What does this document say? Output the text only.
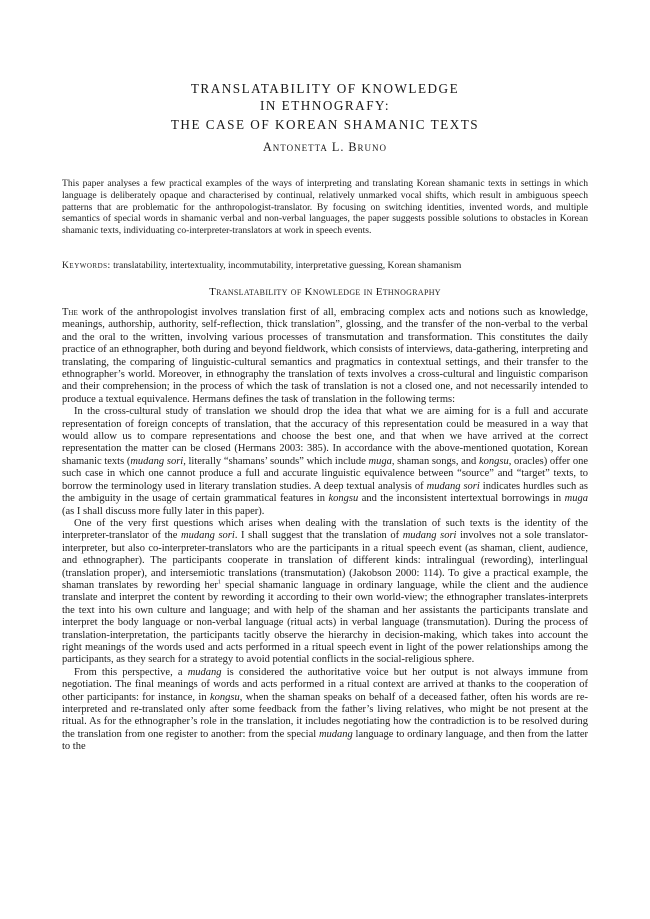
TRANSLATABILITY OF KNOWLEDGE
IN ETHNOGRAFY:
THE CASE OF KOREAN SHAMANIC TEXTS
Antonetta L. Bruno
This paper analyses a few practical examples of the ways of interpreting and translating Korean shamanic texts in settings in which language is deliberately opaque and characterised by continual, relatively unmarked vocal shifts, which result in ambiguous speech patterns that are problematic for the anthropologist-translator. By focusing on switching identities, invented words, and multiple semantics of special words in shamanic verbal and non-verbal languages, the paper suggests possible solutions to obstacles in Korean shamanic texts, individuating co-interpreter-translators at work in speech events.
Keywords: translatability, intertextuality, incommutability, interpretative guessing, Korean shamanism
Translatability of Knowledge in Ethnography

The work of the anthropologist involves translation first of all, embracing complex acts and notions such as knowledge, meanings, authorship, authority, self-reflection, thick translation”, glossing, and the transfer of the non-verbal to the verbal and the oral to the written, involving various processes of transmutation and transformation. This constitutes the daily practice of an ethnographer, both during and beyond fieldwork, which consists of interviews, data-gathering, interpreting and translating, the comparing of linguistic-cultural semantics and pragmatics in contextual settings, and their transfer to the ethnographer’s world. Moreover, in ethnography the translation of texts involves a cross-cultural and linguistic comparison and their comprehension; in the process of which the task of translation is not a closed one, and not necessarily intended to produce a textual equivalence. Hermans defines the task of translation in the following terms:

In the cross-cultural study of translation we should drop the idea that what we are aiming for is a full and accurate representation of foreign concepts of translation, that the accuracy of this representation could be measured in a way that would allow us to compare representations and choose the best one, and that when we have arrived at the correct representation the matter can be closed (Hermans 2003: 385). In accordance with the above-mentioned quotation, Korean shamanic texts (mudang sori, literally “shamans’ sounds” which include muga, shaman songs, and kongsu, oracles) offer one such case in which one cannot produce a full and accurate linguistic equivalence between “source” and “target” texts, to borrow the terminology used in literary translation studies. A deep textual analysis of mudang sori indicates hurdles such as the ambiguity in the usage of certain grammatical features in kongsu and the inconsistent intertextual borrowings in muga (as I shall discuss more fully later in this paper).

One of the very first questions which arises when dealing with the translation of such texts is the identity of the interpreter-translator of the mudang sori. I shall suggest that the translation of mudang sori involves not a sole translator-interpreter, but also co-interpreter-translators who are the participants in a ritual speech event (as shaman, client, audience, and ethnographer). The participants cooperate in translation of different kinds: intralingual (rewording), interlingual (translation proper), and intersemiotic translations (transmutation) (Jakobson 2000: 114). To give a practical example, the shaman translates by rewording her$^1$ special shamanic language in ordinary language, while the client and the audience translate and interpret the content by rewording it according to their own world-view; the ethnographer translates-interprets the text into his own culture and language; and with help of the shaman and her assistants the participants translate and interpret the body language or non-verbal language (ritual acts) in verbal language (transmutation). During the process of translation-interpretation, the participants tacitly observe the hierarchy in decision-making, which takes into account the right meanings of the words used and acts performed in a ritual speech event in light of the power relationships among the participants, as they search for a strategy to avoid potential conflicts in the social-religious sphere.

From this perspective, a mudang is considered the authoritative voice but her output is not always immune from negotiation. The final meanings of words and acts performed in a ritual context are arrived at thanks to the cooperation of other participants: for instance, in kongsu, when the shaman speaks on behalf of a deceased father, often his words are re-interpreted and re-translated only after some feedback from the father’s living relatives, who might be not present at the ritual. As for the ethnographer’s role in the translation, it includes negotiating how the contradiction is to be resolved during the translation from one register to another: from the special mudang language to ordinary language, and then from the latter to the
